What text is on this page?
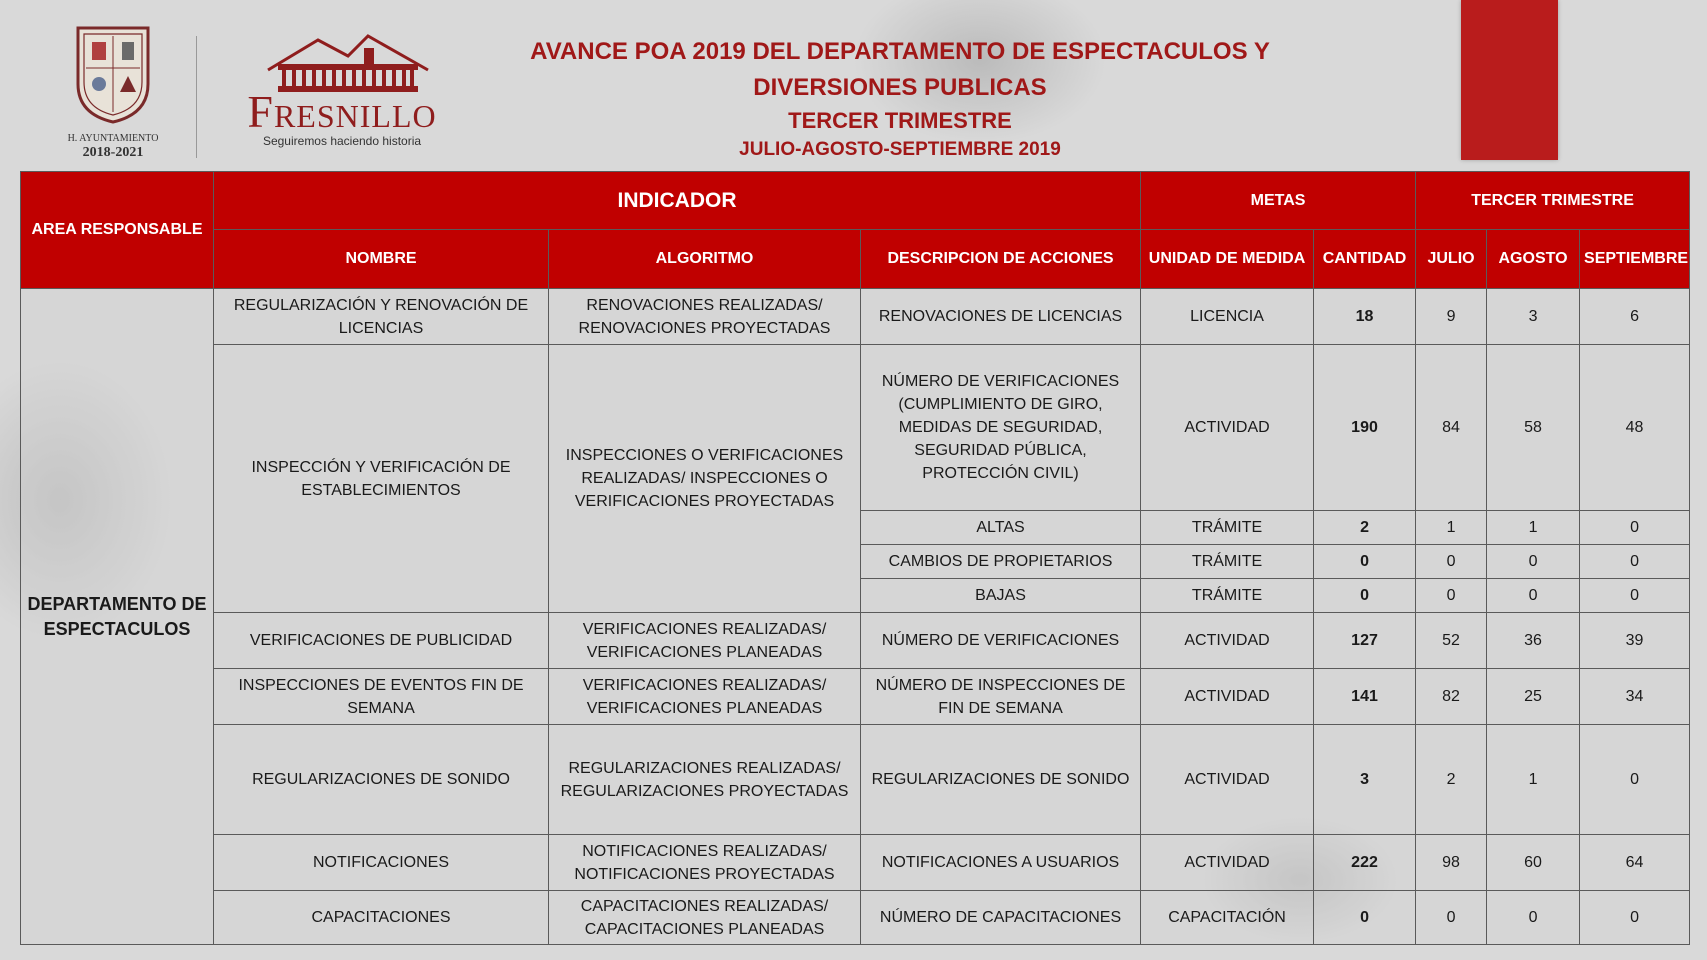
H. AYUNTAMIENTO
2018-2021
Fresnillo
Seguiremos haciendo historia
AVANCE POA 2019 DEL DEPARTAMENTO DE ESPECTACULOS Y
DIVERSIONES PUBLICAS
TERCER TRIMESTRE
JULIO-AGOSTO-SEPTIEMBRE 2019
AREA RESPONSABLE	INDICADOR			METAS		TERCER TRIMESTRE		
	NOMBRE	ALGORITMO	DESCRIPCION DE ACCIONES	UNIDAD DE MEDIDA	CANTIDAD	JULIO	AGOSTO	SEPTIEMBRE
DEPARTAMENTO DE ESPECTACULOS	REGULARIZACIÓN Y RENOVACIÓN DE LICENCIAS	RENOVACIONES REALIZADAS/ RENOVACIONES PROYECTADAS	RENOVACIONES DE LICENCIAS	LICENCIA	18	9	3	6
	INSPECCIÓN Y VERIFICACIÓN DE ESTABLECIMIENTOS	INSPECCIONES O VERIFICACIONES REALIZADAS/ INSPECCIONES O VERIFICACIONES PROYECTADAS	NÚMERO DE VERIFICACIONES (CUMPLIMIENTO DE GIRO, MEDIDAS DE SEGURIDAD, SEGURIDAD PÚBLICA, PROTECCIÓN CIVIL)	ACTIVIDAD	190	84	58	48
			ALTAS	TRÁMITE	2	1	1	0
			CAMBIOS DE PROPIETARIOS	TRÁMITE	0	0	0	0
			BAJAS	TRÁMITE	0	0	0	0
	VERIFICACIONES DE PUBLICIDAD	VERIFICACIONES REALIZADAS/ VERIFICACIONES PLANEADAS	NÚMERO DE VERIFICACIONES	ACTIVIDAD	127	52	36	39
	INSPECCIONES DE EVENTOS FIN DE SEMANA	VERIFICACIONES REALIZADAS/ VERIFICACIONES PLANEADAS	NÚMERO DE INSPECCIONES DE FIN DE SEMANA	ACTIVIDAD	141	82	25	34
	REGULARIZACIONES DE SONIDO	REGULARIZACIONES REALIZADAS/ REGULARIZACIONES PROYECTADAS	REGULARIZACIONES DE SONIDO	ACTIVIDAD	3	2	1	0
	NOTIFICACIONES	NOTIFICACIONES REALIZADAS/ NOTIFICACIONES PROYECTADAS	NOTIFICACIONES A USUARIOS	ACTIVIDAD	222	98	60	64
	CAPACITACIONES	CAPACITACIONES REALIZADAS/ CAPACITACIONES PLANEADAS	NÚMERO DE CAPACITACIONES	CAPACITACIÓN	0	0	0	0
